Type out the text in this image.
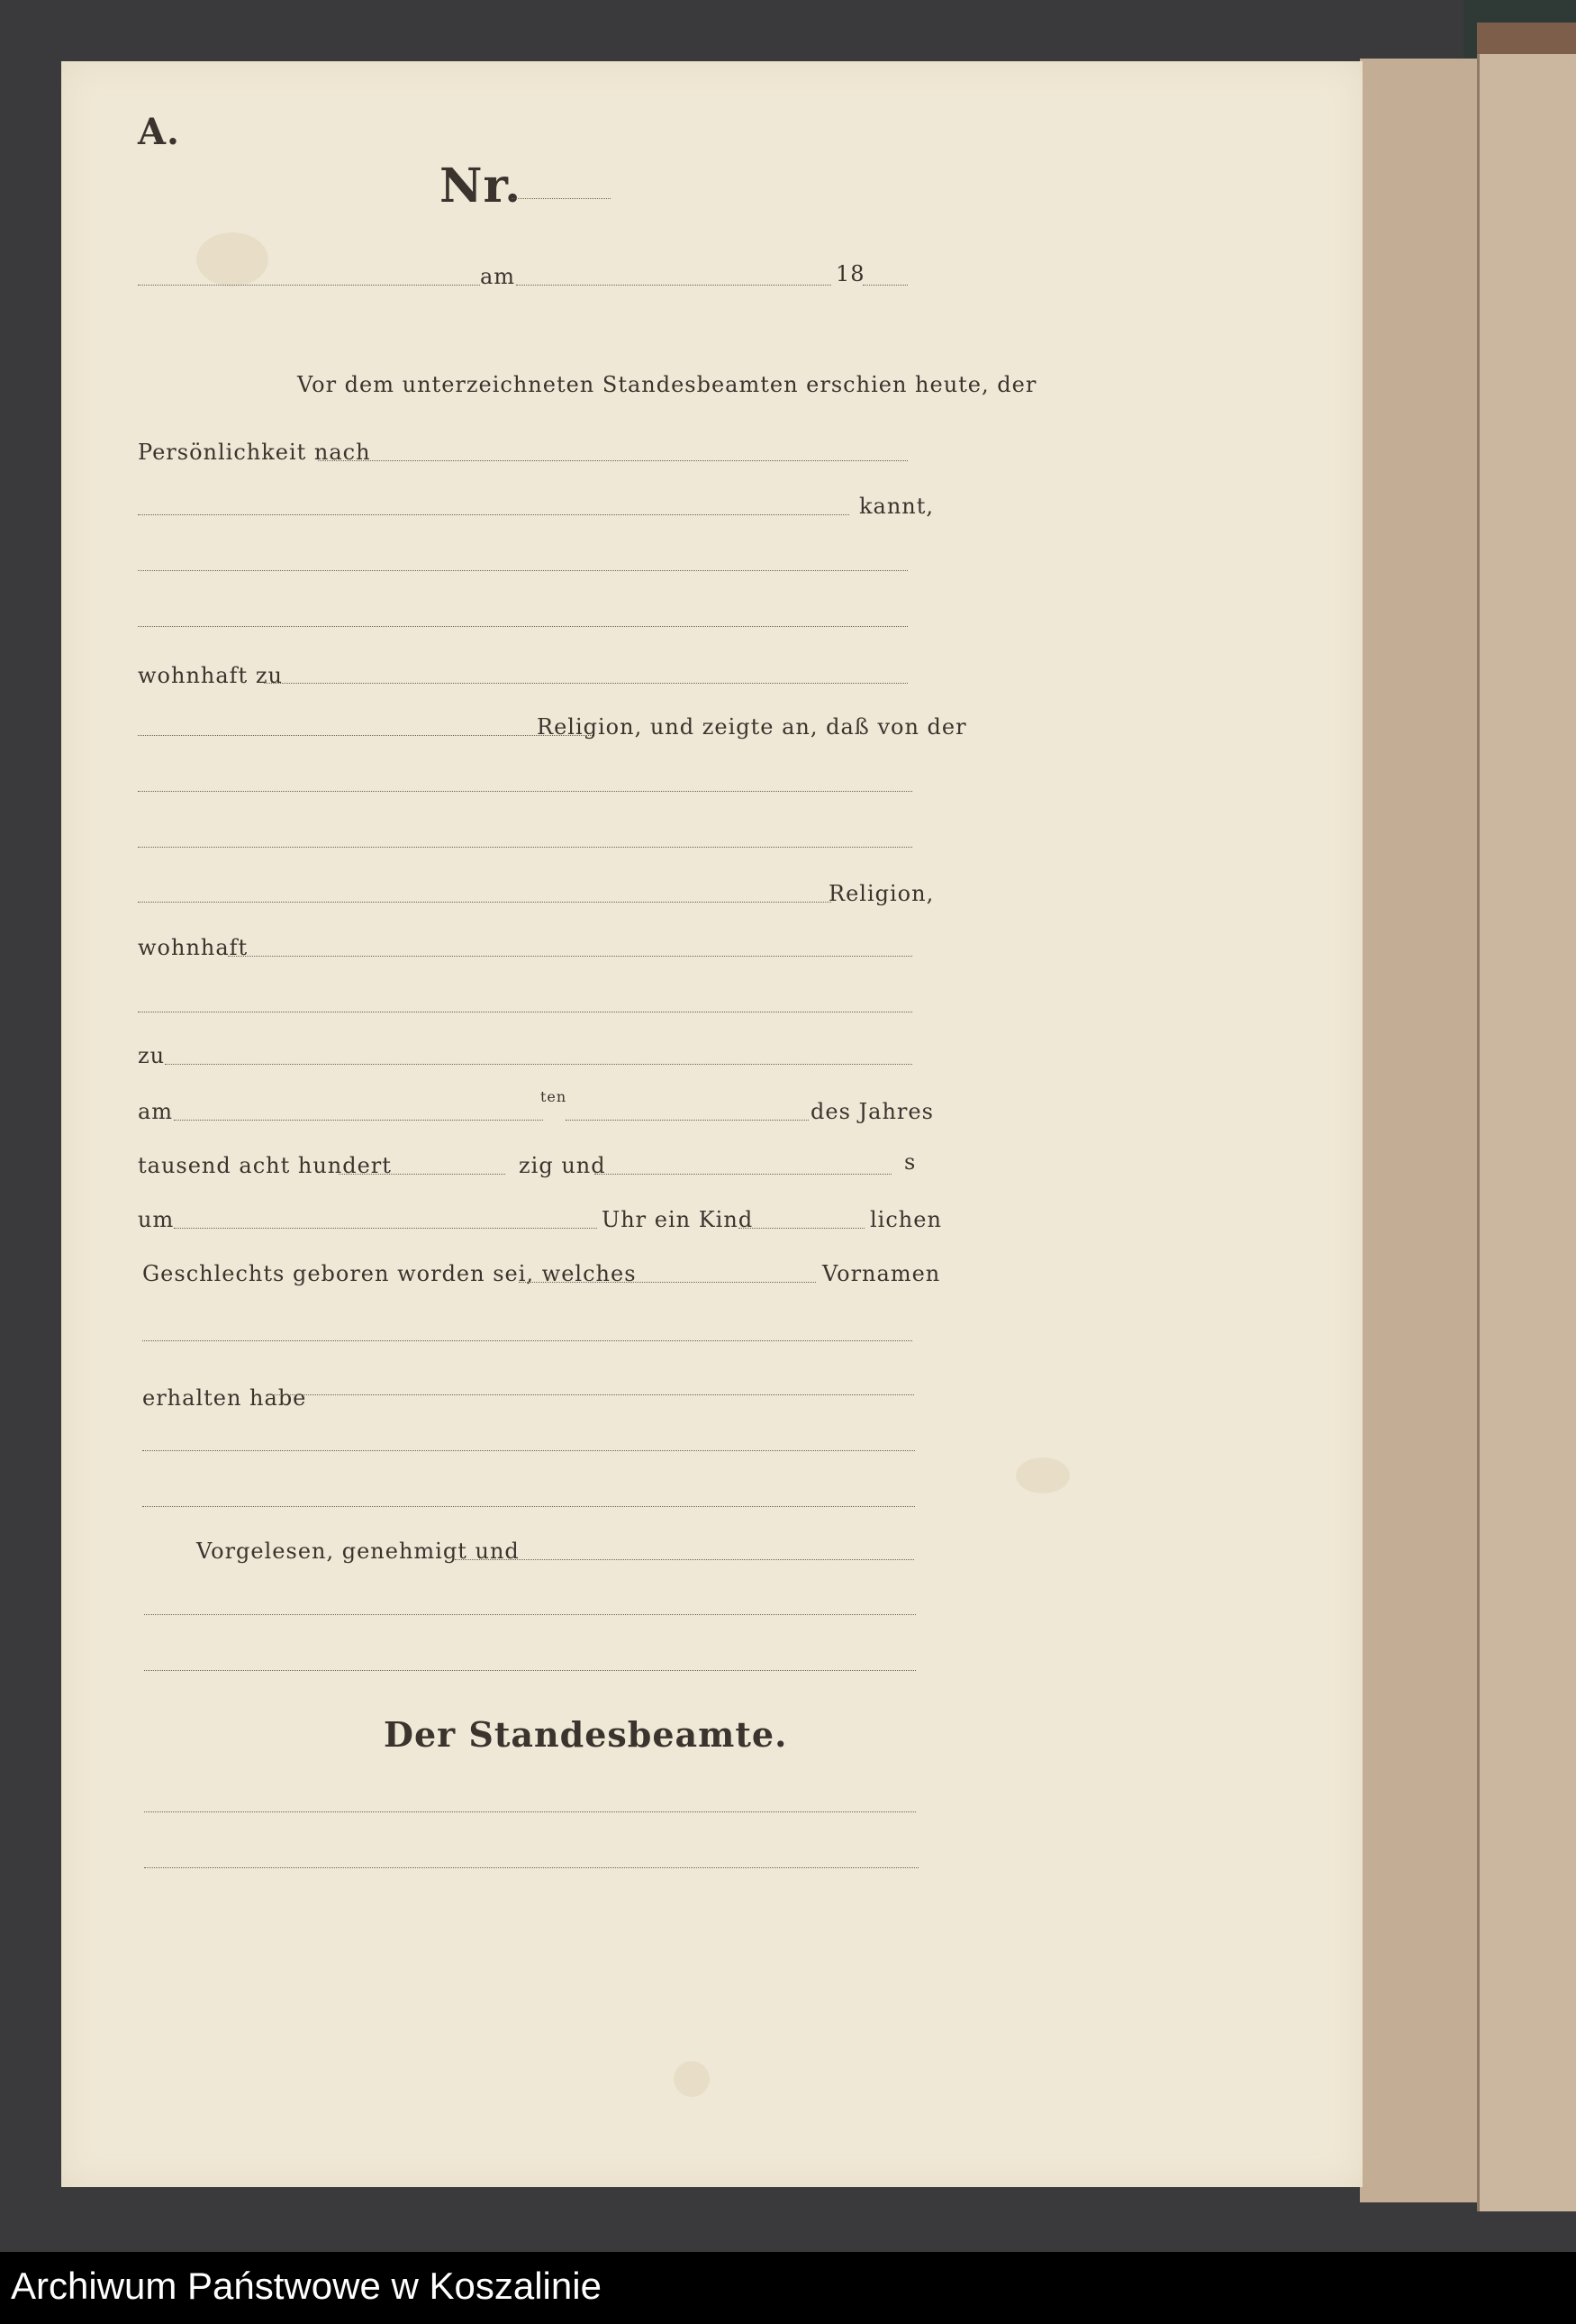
A.
Nr.
am	18
Vor dem unterzeichneten Standesbeamten erschien heute, der
Persönlichkeit nach
kannt,
wohnhaft zu
Religion, und zeigte an, daß von der
Religion,
wohnhaft
zu
am
ten
des Jahres
tausend acht hundert	zig und	s
um	Uhr ein Kind	lichen
Geschlechts geboren worden sei, welches	Vornamen
erhalten habe
Vorgelesen, genehmigt und
Der Standesbeamte.
Archiwum Państwowe w Koszalinie
